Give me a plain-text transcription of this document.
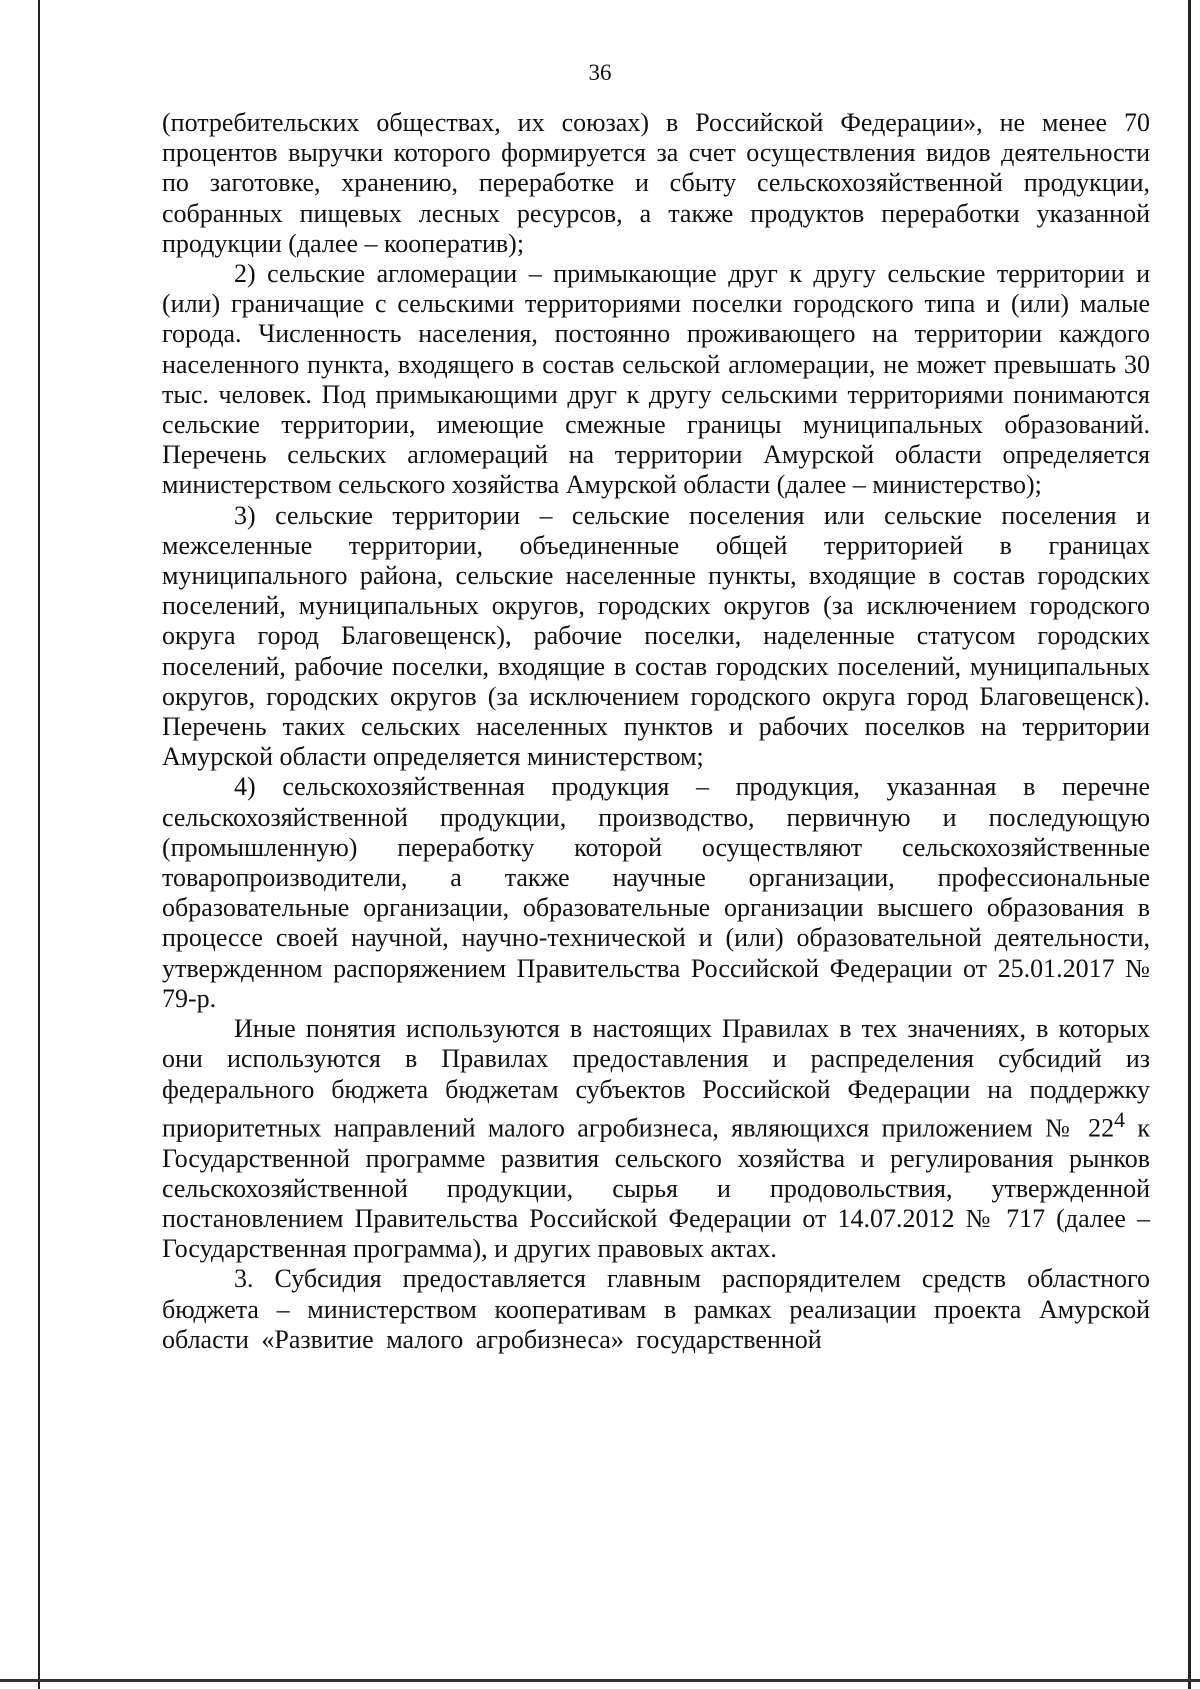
36

(потребительских обществах, их союзах) в Российской Федерации», не менее 70 процентов выручки которого формируется за счет осуществления видов деятельности по заготовке, хранению, переработке и сбыту сельскохозяйственной продукции, собранных пищевых лесных ресурсов, а также продуктов переработки указанной продукции (далее – кооператив);

2) сельские агломерации – примыкающие друг к другу сельские территории и (или) граничащие с сельскими территориями поселки городского типа и (или) малые города. Численность населения, постоянно проживающего на территории каждого населенного пункта, входящего в состав сельской агломерации, не может превышать 30 тыс. человек. Под примыкающими друг к другу сельскими территориями понимаются сельские территории, имеющие смежные границы муниципальных образований. Перечень сельских агломераций на территории Амурской области определяется министерством сельского хозяйства Амурской области (далее – министерство);

3) сельские территории – сельские поселения или сельские поселения и межселенные территории, объединенные общей территорией в границах муниципального района, сельские населенные пункты, входящие в состав городских поселений, муниципальных округов, городских округов (за исключением городского округа город Благовещенск), рабочие поселки, наделенные статусом городских поселений, рабочие поселки, входящие в состав городских поселений, муниципальных округов, городских округов (за исключением городского округа город Благовещенск). Перечень таких сельских населенных пунктов и рабочих поселков на территории Амурской области определяется министерством;

4) сельскохозяйственная продукция – продукция, указанная в перечне сельскохозяйственной продукции, производство, первичную и последующую (промышленную) переработку которой осуществляют сельскохозяйственные товаропроизводители, а также научные организации, профессиональные образовательные организации, образовательные организации высшего образования в процессе своей научной, научно-технической и (или) образовательной деятельности, утвержденном распоряжением Правительства Российской Федерации от 25.01.2017 № 79-р.

Иные понятия используются в настоящих Правилах в тех значениях, в которых они используются в Правилах предоставления и распределения субсидий из федерального бюджета бюджетам субъектов Российской Федерации на поддержку приоритетных направлений малого агробизнеса, являющихся приложением № $22^4$ к Государственной программе развития сельского хозяйства и регулирования рынков сельскохозяйственной продукции, сырья и продовольствия, утвержденной постановлением Правительства Российской Федерации от 14.07.2012 № 717 (далее – Государственная программа), и других правовых актах.

3. Субсидия предоставляется главным распорядителем средств областного бюджета – министерством кооперативам в рамках реализации проекта Амурской области «Развитие малого агробизнеса» государственной
